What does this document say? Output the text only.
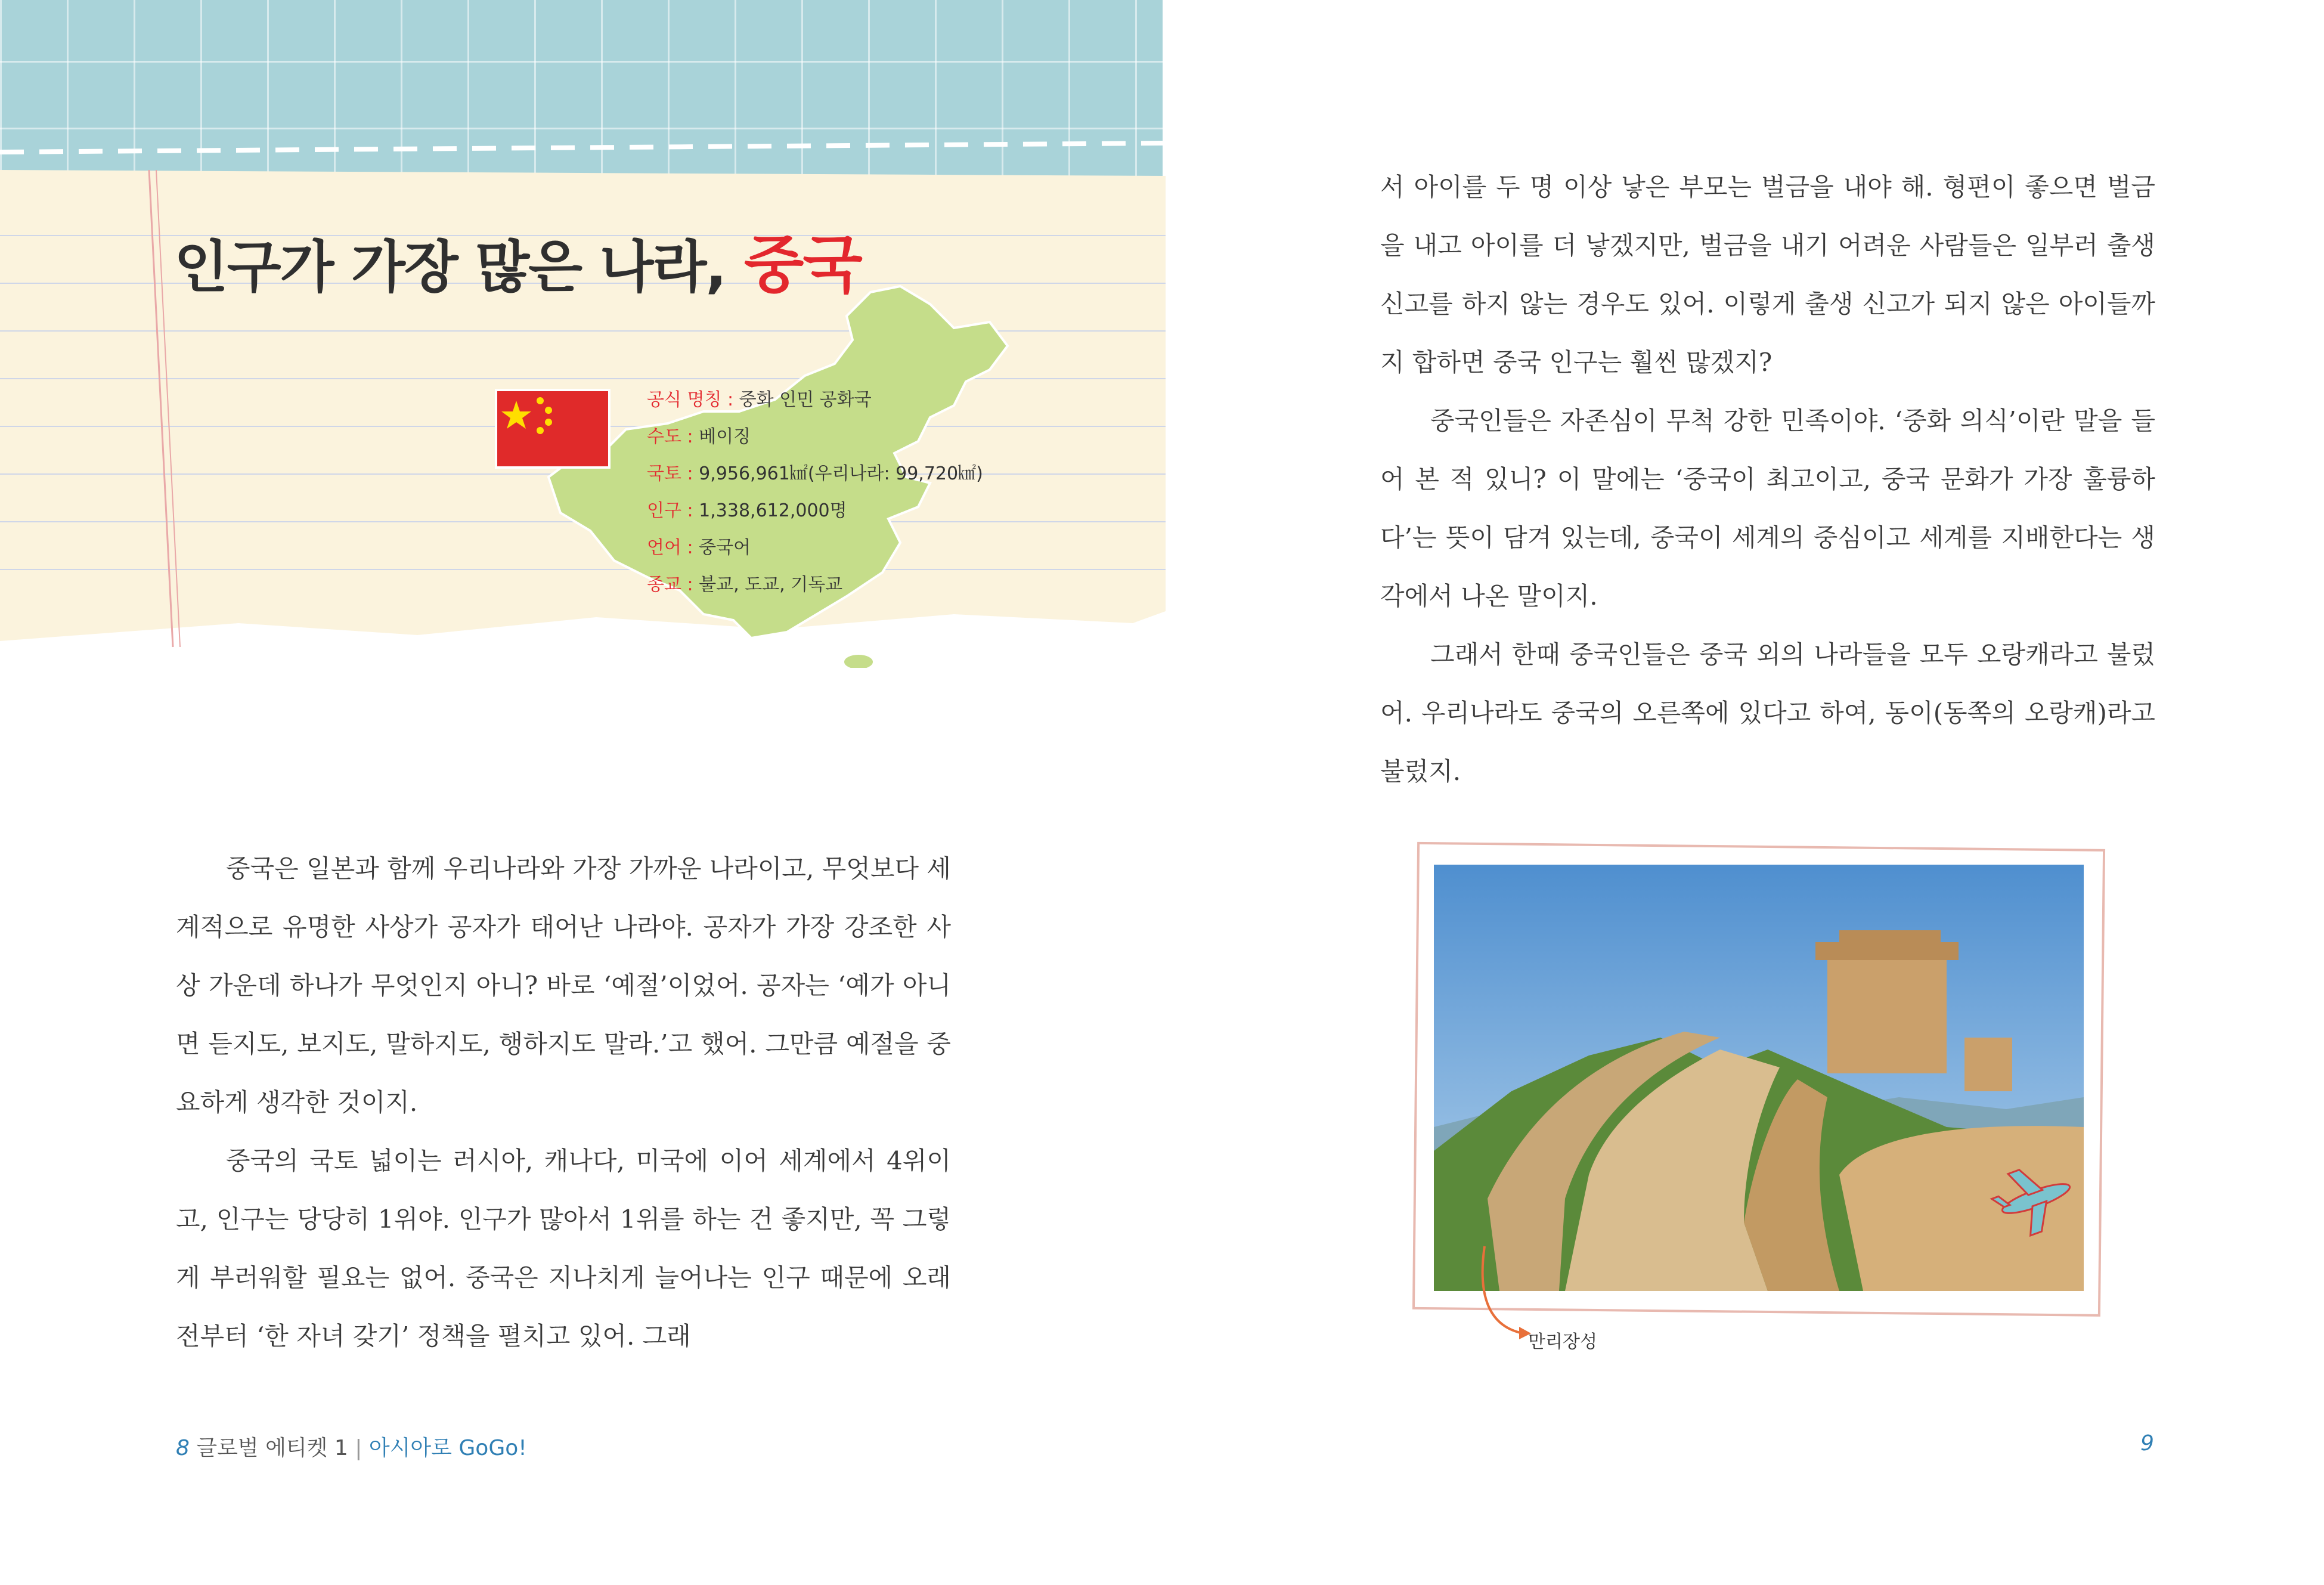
인구가 가장 많은 나라, 중국
공식 명칭 : 중화 인민 공화국
수도 : 베이징
국토 : 9,956,961㎢(우리나라: 99,720㎢)
인구 : 1,338,612,000명
언어 : 중국어
종교 : 불교, 도교, 기독교

중국은 일본과 함께 우리나라와 가장 가까운 나라이고, 무엇보다 세계적으로 유명한 사상가 공자가 태어난 나라야. 공자가 가장 강조한 사상 가운데 하나가 무엇인지 아니? 바로 ‘예절’이었어. 공자는 ‘예가 아니면 듣지도, 보지도, 말하지도, 행하지도 말라.’고 했어. 그만큼 예절을 중요하게 생각한 것이지.

중국의 국토 넓이는 러시아, 캐나다, 미국에 이어 세계에서 4위이고, 인구는 당당히 1위야. 인구가 많아서 1위를 하는 건 좋지만, 꼭 그렇게 부러워할 필요는 없어. 중국은 지나치게 늘어나는 인구 때문에 오래전부터 ‘한 자녀 갖기’ 정책을 펼치고 있어. 그래

서 아이를 두 명 이상 낳은 부모는 벌금을 내야 해. 형편이 좋으면 벌금을 내고 아이를 더 낳겠지만, 벌금을 내기 어려운 사람들은 일부러 출생 신고를 하지 않는 경우도 있어. 이렇게 출생 신고가 되지 않은 아이들까지 합하면 중국 인구는 훨씬 많겠지?

중국인들은 자존심이 무척 강한 민족이야. ‘중화 의식’이란 말을 들어 본 적 있니? 이 말에는 ‘중국이 최고이고, 중국 문화가 가장 훌륭하다’는 뜻이 담겨 있는데, 중국이 세계의 중심이고 세계를 지배한다는 생각에서 나온 말이지.

그래서 한때 중국인들은 중국 외의 나라들을 모두 오랑캐라고 불렀어. 우리나라도 중국의 오른쪽에 있다고 하여, 동이(동쪽의 오랑캐)라고 불렀지.

만리장성
8 글로벌 에티켓 1 | 아시아로 GoGo!	9
